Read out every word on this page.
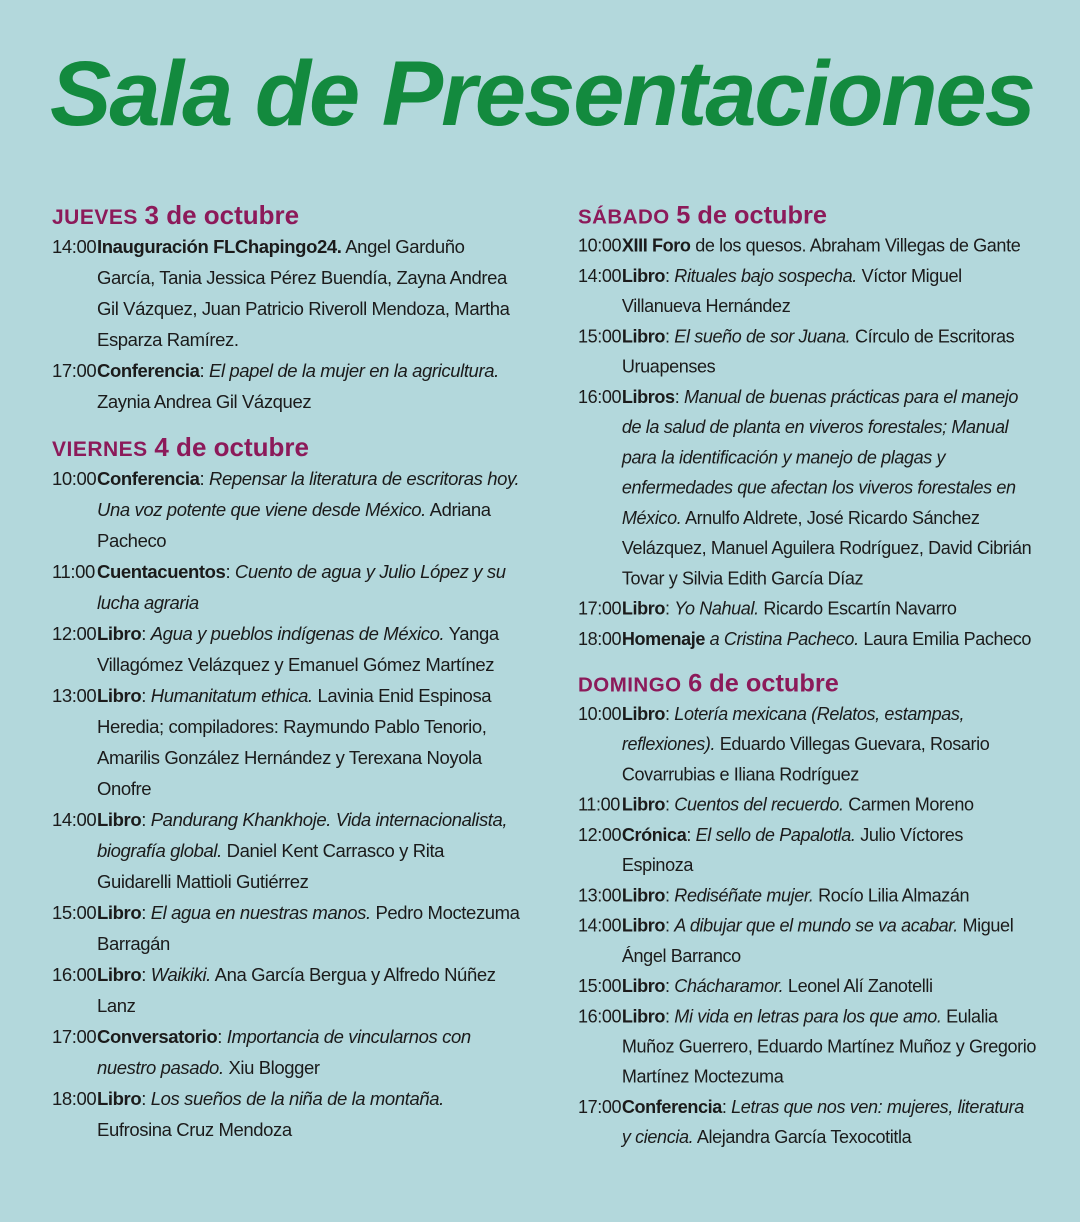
Sala de Presentaciones
JUEVES 3 de octubre
14:00 Inauguración FLChapingo24. Angel Garduño García, Tania Jessica Pérez Buendía, Zayna Andrea Gil Vázquez, Juan Patricio Riveroll Mendoza, Martha Esparza Ramírez.
17:00 Conferencia: El papel de la mujer en la agricultura. Zaynia Andrea Gil Vázquez
VIERNES 4 de octubre
10:00 Conferencia: Repensar la literatura de escritoras hoy. Una voz potente que viene desde México. Adriana Pacheco
11:00 Cuentacuentos: Cuento de agua y Julio López y su lucha agraria
12:00 Libro: Agua y pueblos indígenas de México. Yanga Villagómez Velázquez y Emanuel Gómez Martínez
13:00 Libro: Humanitatum ethica. Lavinia Enid Espinosa Heredia; compiladores: Raymundo Pablo Tenorio, Amarilis González Hernández y Terexana Noyola Onofre
14:00 Libro: Pandurang Khankhoje. Vida internacionalista, biografía global. Daniel Kent Carrasco y Rita Guidarelli Mattioli Gutiérrez
15:00 Libro: El agua en nuestras manos. Pedro Moctezuma Barragán
16:00 Libro: Waikiki. Ana García Bergua y Alfredo Núñez Lanz
17:00 Conversatorio: Importancia de vincularnos con nuestro pasado. Xiu Blogger
18:00 Libro: Los sueños de la niña de la montaña. Eufrosina Cruz Mendoza
SÁBADO 5 de octubre
10:00 XIII Foro de los quesos. Abraham Villegas de Gante
14:00 Libro: Rituales bajo sospecha. Víctor Miguel Villanueva Hernández
15:00 Libro: El sueño de sor Juana. Círculo de Escritoras Uruapenses
16:00 Libros: Manual de buenas prácticas para el manejo de la salud de planta en viveros forestales; Manual para la identificación y manejo de plagas y enfermedades que afectan los viveros forestales en México. Arnulfo Aldrete, José Ricardo Sánchez Velázquez, Manuel Aguilera Rodríguez, David Cibrián Tovar y Silvia Edith García Díaz
17:00 Libro: Yo Nahual. Ricardo Escartín Navarro
18:00 Homenaje a Cristina Pacheco. Laura Emilia Pacheco
DOMINGO 6 de octubre
10:00 Libro: Lotería mexicana (Relatos, estampas, reflexiones). Eduardo Villegas Guevara, Rosario Covarrubias e Iliana Rodríguez
11:00 Libro: Cuentos del recuerdo. Carmen Moreno
12:00 Crónica: El sello de Papalotla. Julio Víctores Espinoza
13:00 Libro: Rediséñate mujer. Rocío Lilia Almazán
14:00 Libro: A dibujar que el mundo se va acabar. Miguel Ángel Barranco
15:00 Libro: Chácharamor. Leonel Alí Zanotelli
16:00 Libro: Mi vida en letras para los que amo. Eulalia Muñoz Guerrero, Eduardo Martínez Muñoz y Gregorio Martínez Moctezuma
17:00 Conferencia: Letras que nos ven: mujeres, literatura y ciencia. Alejandra García Texocotitla
